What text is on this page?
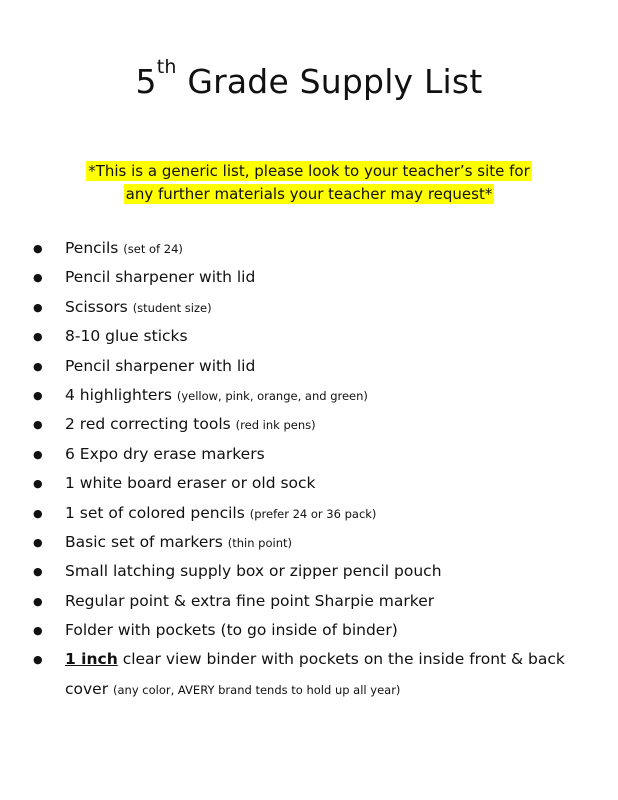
5th Grade Supply List
*This is a generic list, please look to your teacher’s site for
any further materials your teacher may request*
● Pencils (set of 24)
● Pencil sharpener with lid
● Scissors (student size)
● 8-10 glue sticks
● Pencil sharpener with lid
● 4 highlighters (yellow, pink, orange, and green)
● 2 red correcting tools (red ink pens)
● 6 Expo dry erase markers
● 1 white board eraser or old sock
● 1 set of colored pencils (prefer 24 or 36 pack)
● Basic set of markers (thin point)
● Small latching supply box or zipper pencil pouch
● Regular point & extra fine point Sharpie marker
● Folder with pockets (to go inside of binder)
● 1 inch clear view binder with pockets on the inside front & back cover (any color, AVERY brand tends to hold up all year)
